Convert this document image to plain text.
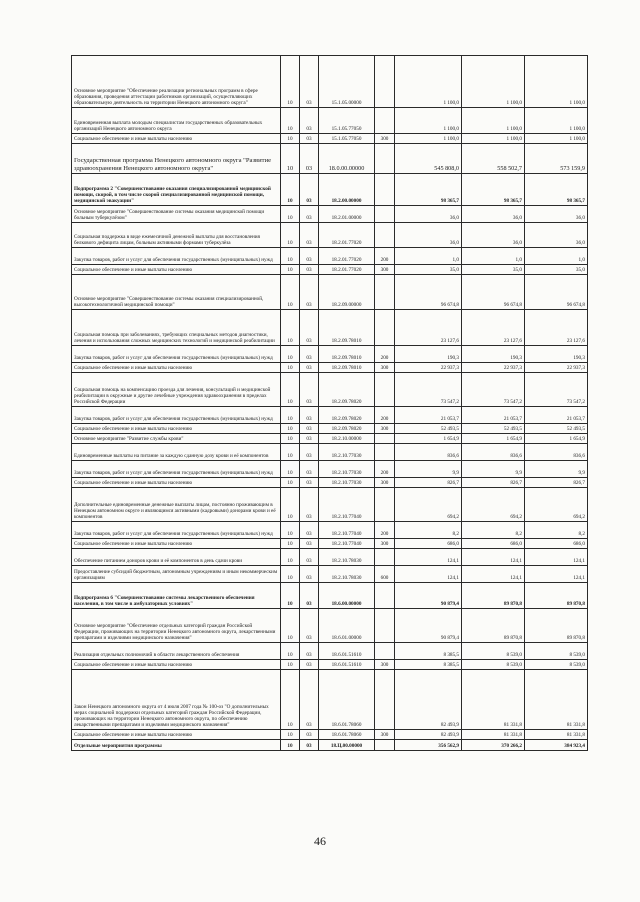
Основное мероприятие "Обеспечение реализации региональных программ в сфере образования, проведения аттестации работников организаций, осуществляющих образовательную деятельность на территории Ненецкого автономного округа"	10	03	15.1.05.00000		1 100,0	1 100,0	1 100,0

Единовременная выплата молодым специалистам государственных образовательных организаций Ненецкого автономного округа	10	03	15.1.05.77050		1 100,0	1 100,0	1 100,0

Социальное обеспечение и иные выплаты населению	10	03	15.1.05.77050	300	1 100,0	1 100,0	1 100,0

Государственная программа Ненецкого автономного округа "Развитие здравоохранения Ненецкого автономного округа"	10	03	18.0.00.00000		545 808,0	558 502,7	573 159,9

Подпрограмма 2 "Совершенствование оказания специализированной медицинской помощи, скорой, в том числе скорой специализированной медицинской помощи, медицинской эвакуации"	10	03	18.2.00.00000		98 365,7	98 365,7	98 365,7

Основное мероприятие "Совершенствование системы оказания медицинской помощи больным туберкулёзом"	10	03	18.2.01.00000		36,0	36,0	36,0

Социальная поддержка в виде ежемесячной денежной выплаты для восстановления белкового дефицита лицам, больным активными формами туберкулёза	10	03	18.2.01.77020		36,0	36,0	36,0

Закупка товаров, работ и услуг для обеспечения государственных (муниципальных) нужд	10	03	18.2.01.77020	200	1,0	1,0	1,0

Социальное обеспечение и иные выплаты населению	10	03	18.2.01.77020	300	35,0	35,0	35,0

Основное мероприятие "Совершенствование системы оказания специализированной, высокотехнологичной медицинской помощи"	10	03	18.2.09.00000		96 674,8	96 674,8	96 674,8

Социальная помощь при заболеваниях, требующих специальных методов диагностики, лечения и использования сложных медицинских технологий и медицинской реабилитации	10	03	18.2.09.78010		23 127,6	23 127,6	23 127,6

Закупка товаров, работ и услуг для обеспечения государственных (муниципальных) нужд	10	03	18.2.09.78010	200	190,3	190,3	190,3

Социальное обеспечение и иные выплаты населению	10	03	18.2.09.78010	300	22 937,3	22 937,3	22 937,3

Социальная помощь на компенсацию проезда для лечения, консультаций и медицинской реабилитации в окружные и другие лечебные учреждения здравоохранения в пределах Российской Федерации	10	03	18.2.09.78020		73 547,2	73 547,2	73 547,2

Закупка товаров, работ и услуг для обеспечения государственных (муниципальных) нужд	10	03	18.2.09.78020	200	21 053,7	21 053,7	21 053,7

Социальное обеспечение и иные выплаты населению	10	03	18.2.09.78020	300	52 493,5	52 493,5	52 493,5

Основное мероприятие "Развитие службы крови"	10	03	18.2.10.00000		1 654,9	1 654,9	1 654,9

Единовременные выплаты на питание за каждую сданную дозу крови и её компонентов	10	03	18.2.10.77030		836,6	836,6	836,6

Закупка товаров, работ и услуг для обеспечения государственных (муниципальных) нужд	10	03	18.2.10.77030	200	9,9	9,9	9,9

Социальное обеспечение и иные выплаты населению	10	03	18.2.10.77030	300	826,7	826,7	826,7

Дополнительные единовременные денежные выплаты лицам, постоянно проживающим в Ненецком автономном округе и являющимся активными (кадровыми) донорами крови и её компонентов	10	03	18.2.10.77040		694,2	694,2	694,2

Закупка товаров, работ и услуг для обеспечения государственных (муниципальных) нужд	10	03	18.2.10.77040	200	8,2	8,2	8,2

Социальное обеспечение и иные выплаты населению	10	03	18.2.10.77040	300	686,0	686,0	686,0

Обеспечение питанием доноров крови и её компонентов в день сдачи крови	10	03	18.2.10.78030		124,1	124,1	124,1

Предоставление субсидий бюджетным, автономным учреждениям и иным некоммерческим организациям	10	03	18.2.10.78030	600	124,1	124,1	124,1

Подпрограмма 6 "Совершенствование системы лекарственного обеспечения населения, в том числе в амбулаторных условиях"	10	03	18.6.00.00000		90 879,4	89 870,8	89 870,8

Основное мероприятие "Обеспечение отдельных категорий граждан Российской Федерации, проживающих на территории Ненецкого автономного округа, лекарственными препаратами и изделиями медицинского назначения"	10	03	18.6.01.00000		90 879,4	89 870,8	89 870,8

Реализация отдельных полномочий в области лекарственного обеспечения	10	03	18.6.01.51610		8 385,5	8 539,0	8 539,0

Социальное обеспечение и иные выплаты населению	10	03	18.6.01.51610	300	8 385,5	8 539,0	8 539,0

Закон Ненецкого автономного округа от 4 июля 2007 года № 100-оз "О дополнительных мерах социальной поддержки отдельных категорий граждан Российской Федерации, проживающих на территории Ненецкого автономного округа, по обеспечению лекарственными препаратами и изделиями медицинского назначения"	10	03	18.6.01.78060		82 493,9	81 331,8	81 331,8

Социальное обеспечение и иные выплаты населению	10	03	18.6.01.78060	300	82 493,9	81 331,8	81 331,8

Отдельные мероприятия программы	10	03	18.Ц.00.00000		356 562,9	370 266,2	384 923,4
46
